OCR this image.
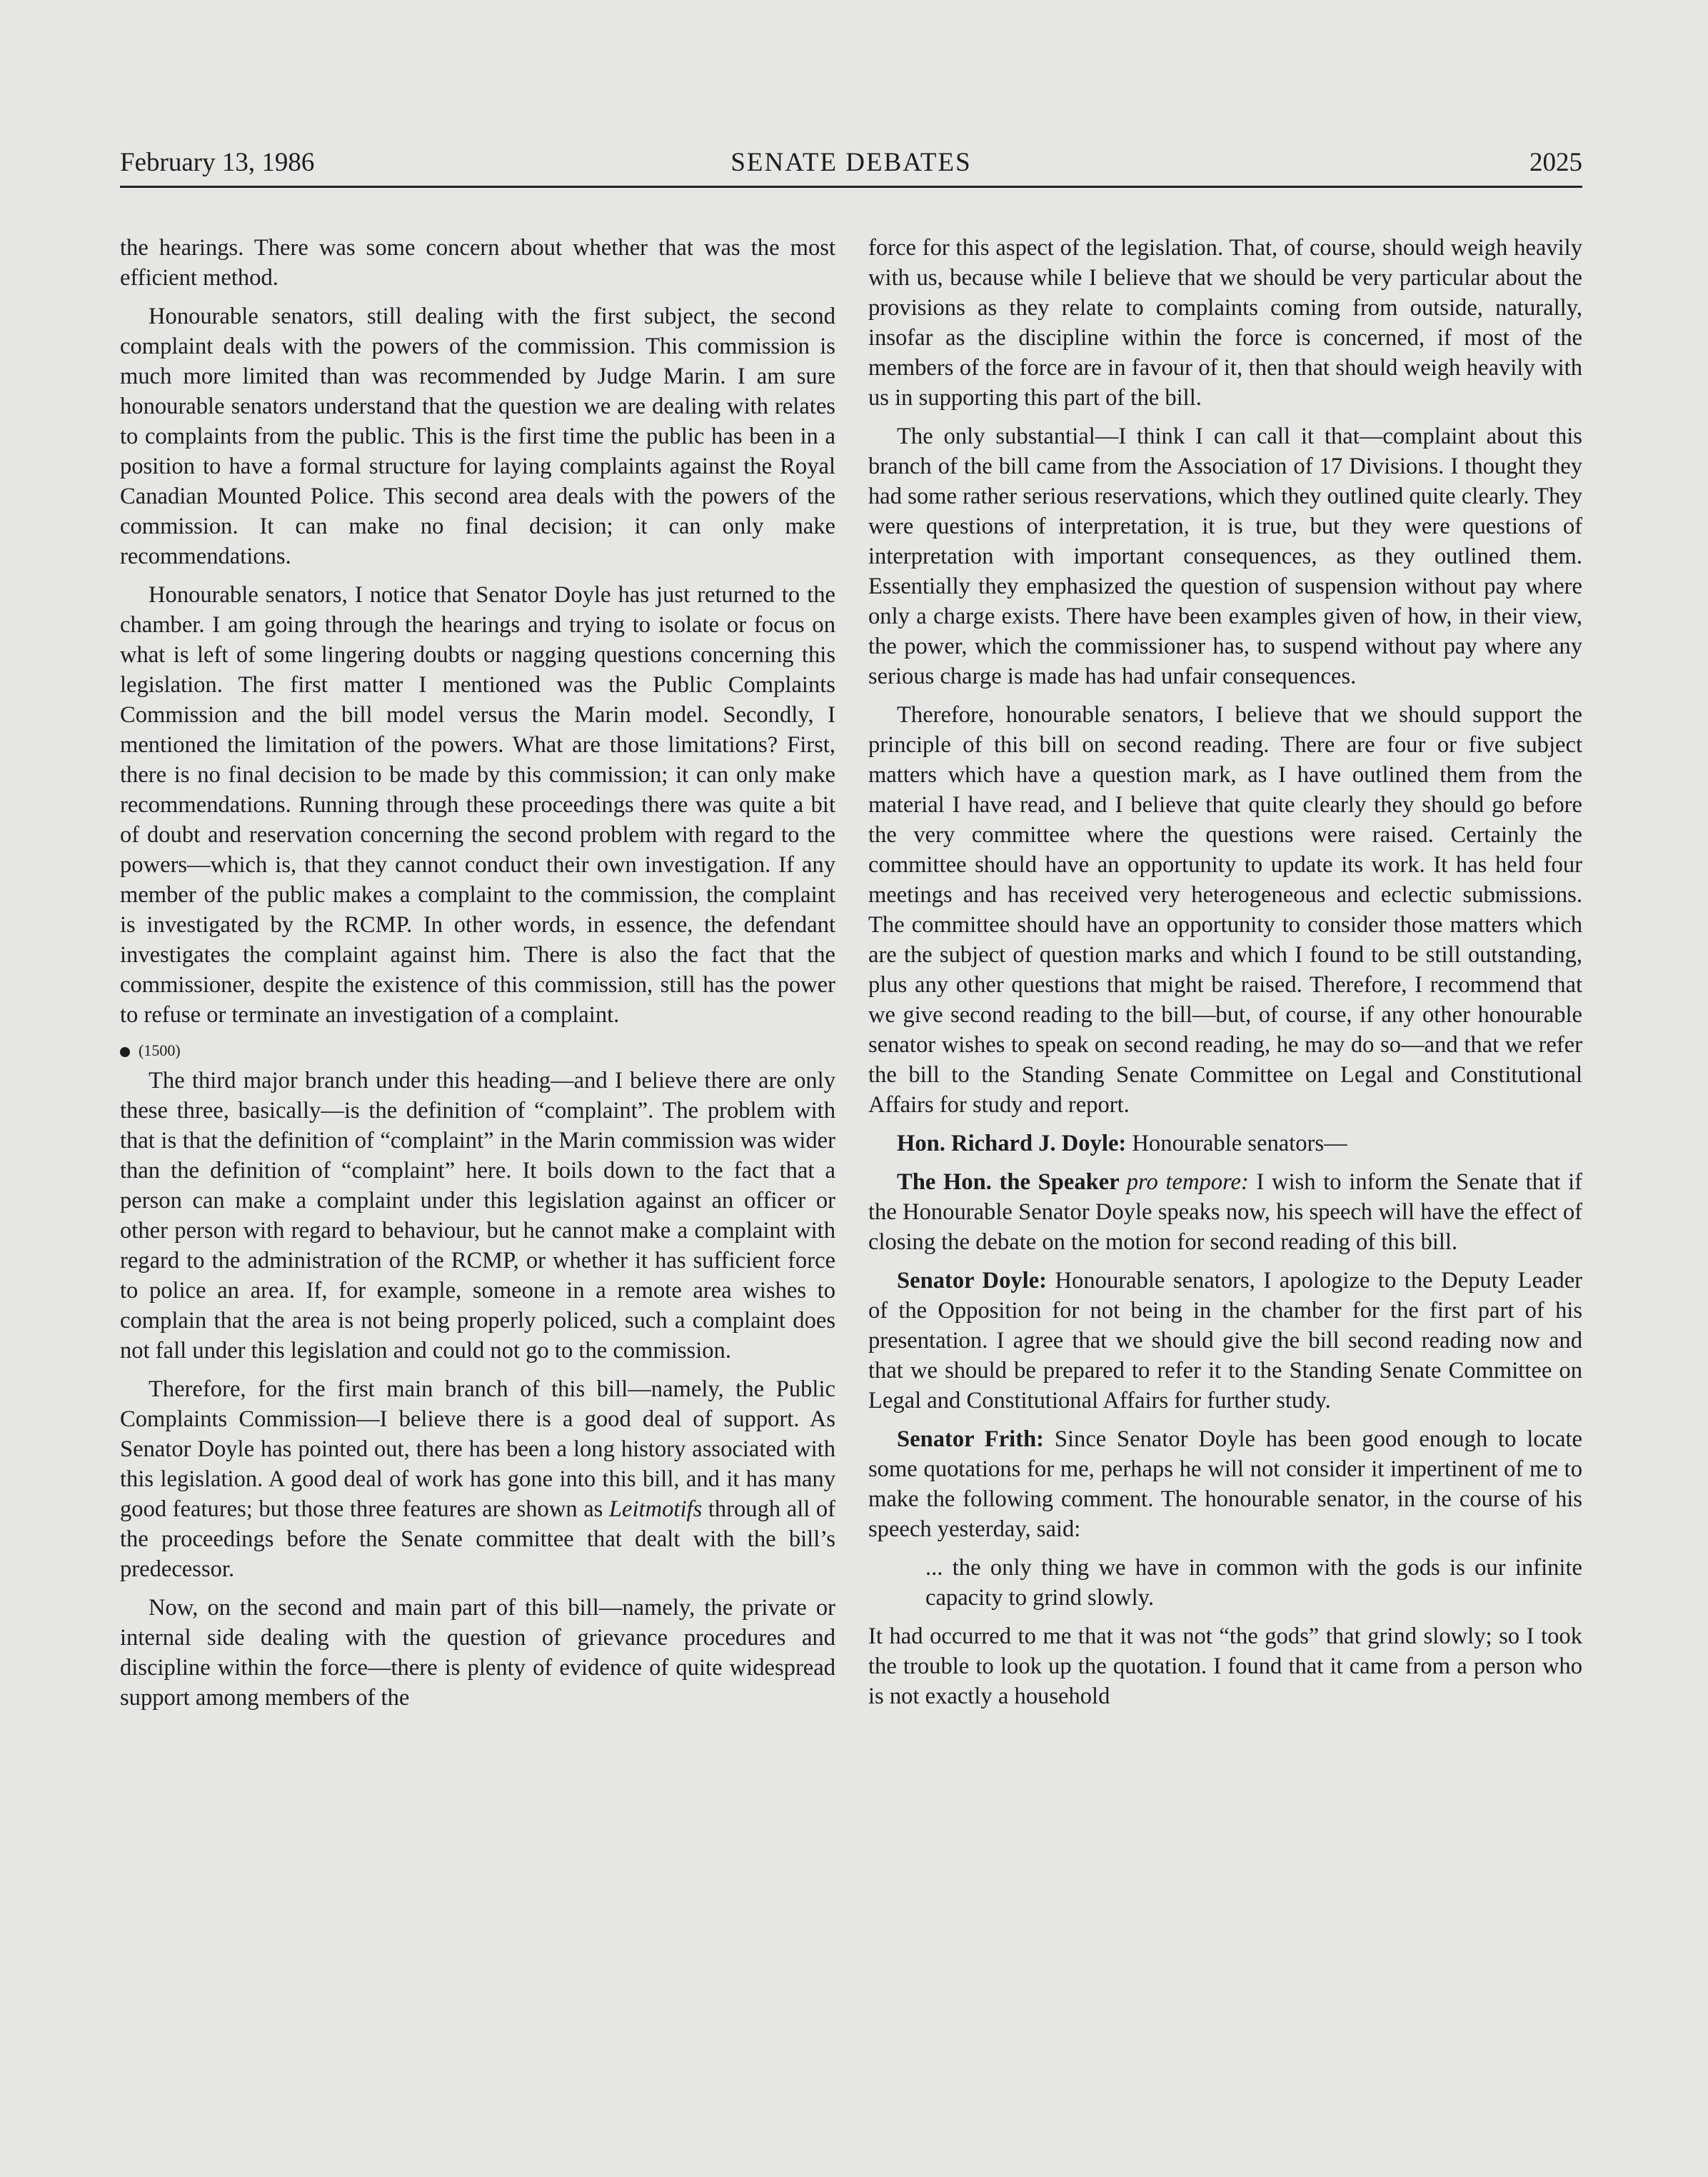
February 13, 1986	SENATE DEBATES	2025

the hearings. There was some concern about whether that was the most efficient method.

Honourable senators, still dealing with the first subject, the second complaint deals with the powers of the commission. This commission is much more limited than was recommended by Judge Marin. I am sure honourable senators understand that the question we are dealing with relates to complaints from the public. This is the first time the public has been in a position to have a formal structure for laying complaints against the Royal Canadian Mounted Police. This second area deals with the powers of the commission. It can make no final decision; it can only make recommendations.

Honourable senators, I notice that Senator Doyle has just returned to the chamber. I am going through the hearings and trying to isolate or focus on what is left of some lingering doubts or nagging questions concerning this legislation. The first matter I mentioned was the Public Complaints Commission and the bill model versus the Marin model. Secondly, I mentioned the limitation of the powers. What are those limitations? First, there is no final decision to be made by this commission; it can only make recommendations. Running through these proceedings there was quite a bit of doubt and reservation concerning the second problem with regard to the powers—which is, that they cannot conduct their own investigation. If any member of the public makes a complaint to the commission, the complaint is investigated by the RCMP. In other words, in essence, the defendant investigates the complaint against him. There is also the fact that the commissioner, despite the existence of this commission, still has the power to refuse or terminate an investigation of a complaint.

(1500)

The third major branch under this heading—and I believe there are only these three, basically—is the definition of “complaint”. The problem with that is that the definition of “complaint” in the Marin commission was wider than the definition of “complaint” here. It boils down to the fact that a person can make a complaint under this legislation against an officer or other person with regard to behaviour, but he cannot make a complaint with regard to the administration of the RCMP, or whether it has sufficient force to police an area. If, for example, someone in a remote area wishes to complain that the area is not being properly policed, such a complaint does not fall under this legislation and could not go to the commission.

Therefore, for the first main branch of this bill—namely, the Public Complaints Commission—I believe there is a good deal of support. As Senator Doyle has pointed out, there has been a long history associated with this legislation. A good deal of work has gone into this bill, and it has many good features; but those three features are shown as Leitmotifs through all of the proceedings before the Senate committee that dealt with the bill’s predecessor.

Now, on the second and main part of this bill—namely, the private or internal side dealing with the question of grievance procedures and discipline within the force—there is plenty of evidence of quite widespread support among members of the

force for this aspect of the legislation. That, of course, should weigh heavily with us, because while I believe that we should be very particular about the provisions as they relate to complaints coming from outside, naturally, insofar as the discipline within the force is concerned, if most of the members of the force are in favour of it, then that should weigh heavily with us in supporting this part of the bill.

The only substantial—I think I can call it that—complaint about this branch of the bill came from the Association of 17 Divisions. I thought they had some rather serious reservations, which they outlined quite clearly. They were questions of interpretation, it is true, but they were questions of interpretation with important consequences, as they outlined them. Essentially they emphasized the question of suspension without pay where only a charge exists. There have been examples given of how, in their view, the power, which the commissioner has, to suspend without pay where any serious charge is made has had unfair consequences.

Therefore, honourable senators, I believe that we should support the principle of this bill on second reading. There are four or five subject matters which have a question mark, as I have outlined them from the material I have read, and I believe that quite clearly they should go before the very committee where the questions were raised. Certainly the committee should have an opportunity to update its work. It has held four meetings and has received very heterogeneous and eclectic submissions. The committee should have an opportunity to consider those matters which are the subject of question marks and which I found to be still outstanding, plus any other questions that might be raised. Therefore, I recommend that we give second reading to the bill—but, of course, if any other honourable senator wishes to speak on second reading, he may do so—and that we refer the bill to the Standing Senate Committee on Legal and Constitutional Affairs for study and report.

Hon. Richard J. Doyle: Honourable senators—

The Hon. the Speaker pro tempore: I wish to inform the Senate that if the Honourable Senator Doyle speaks now, his speech will have the effect of closing the debate on the motion for second reading of this bill.

Senator Doyle: Honourable senators, I apologize to the Deputy Leader of the Opposition for not being in the chamber for the first part of his presentation. I agree that we should give the bill second reading now and that we should be prepared to refer it to the Standing Senate Committee on Legal and Constitutional Affairs for further study.

Senator Frith: Since Senator Doyle has been good enough to locate some quotations for me, perhaps he will not consider it impertinent of me to make the following comment. The honourable senator, in the course of his speech yesterday, said:

... the only thing we have in common with the gods is our infinite capacity to grind slowly.

It had occurred to me that it was not “the gods” that grind slowly; so I took the trouble to look up the quotation. I found that it came from a person who is not exactly a household
